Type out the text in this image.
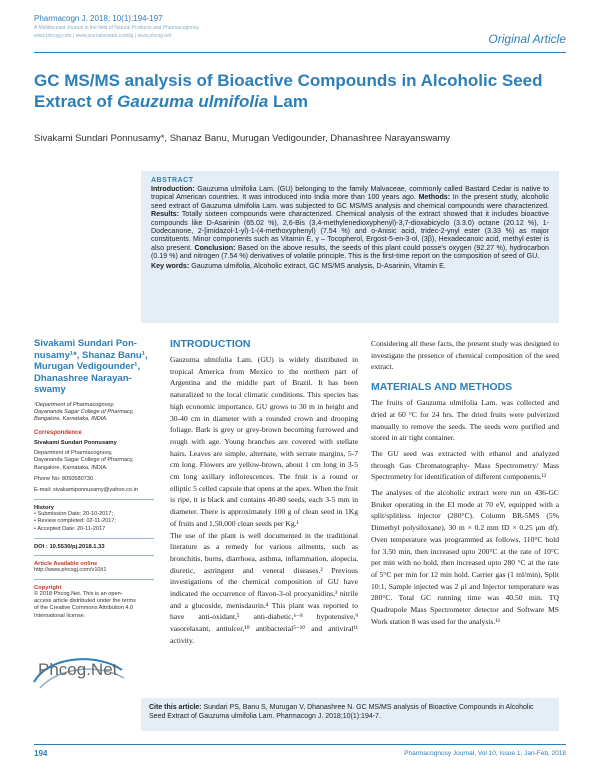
Pharmacogn J. 2018; 10(1):194-197
A Multifaceted Journal in the field of Natural Products and Pharmacognosy
www.phcogj.com | www.journalonweb.com/pj | www.phcog.net	Original Article
GC MS/MS analysis of Bioactive Compounds in Alcoholic Seed
Extract of Gauzuma ulmifolia Lam
Sivakami Sundari Ponnusamy*, Shanaz Banu, Murugan Vedigounder, Dhanashree Narayanswamy
ABSTRACT
Introduction: Gauzuma ulmifolia Lam. (GU) belonging to the family Malvaceae, commonly called Bastard Cedar is native to tropical American countries. It was introduced into India more than 100 years ago. Methods: In the present study, alcoholic seed extract of Gauzuma ulmifolia Lam. was subjected to GC MS/MS analysis and chemical compounds were characterized. Results: Totally sixteen compounds were characterized. Chemical analysis of the extract showed that it includes bioactive compounds like D-Asarinin (65.02 %), 2,6-Bis (3,4-methylenedioxyphenyl)-3,7-dioxabicyclo (3.3.0) octane (20.12 %), 1-Dodecanone, 2-[imidazol-1-yl)-1-(4-methoxyphenyl) (7.54 %) and o-Anisic acid, tridec-2-ynyl ester (3.33 %) as major constituents. Minor components such as Vitamin E, γ – Tocopherol, Ergost-5-en-3-ol, (3β), Hexadecanoic acid, methyl ester is also present. Conclusion: Based on the above results, the seeds of this plant could posse's oxygen (92.27 %), hydrocarbon (0.19 %) and nitrogen (7.54 %) derivatives of volatile principle. This is the first-time report on the composition of seed of GU.
Key words: Gauzuma ulmifolia, Alcoholic extract, GC MS/MS analysis, D-Asarinin, Vitamin E.
Sivakami Sundari Pon-
nusamy¹*, Shanaz Banu¹,
Murugan Vedigounder¹,
Dhanashree Narayan-
swamy
¹Department of Pharmacognosy,
Dayananda Sagar College of Pharmacy,
Bangalore, Karnataka, INDIA.
Correspondence
Sivakami Sundari Ponnusamy
Department of Pharmacognosy,
Dayananda Sagar College of Pharmacy,
Bangalore, Karnataka, INDIA.
Phone No: 8050580730
E-mail: sivakamiponnusamy@yahoo.co.in
History
• Submission Date: 20-10-2017;
• Review completed: 02-11-2017;
• Accepted Date: 20-11-2017
DOI : 10.5530/pj.2018.1.33
Article Available online
http://www.phcogj.com/v10/i1
Copyright
© 2018 Phcog.Net. This is an open-
access article distributed under the terms
of the Creative Commons Attribution 4.0
International license.
Phcog.Net
INTRODUCTION

Gauzuma ulmifolia Lam. (GU) is widely distributed in tropical America from Mexico to the northern part of Argentina and the middle part of Brazil. It has been naturalized to the local climatic conditions. This species has high economic importance. GU grows to 30 m in height and 30-40 cm in diameter with a rounded crown and drooping foliage. Bark is grey or grey-brown becoming furrowed and rough with age. Young branches are covered with stellate hairs. Leaves are simple, alternate, with serrate margins, 5-7 cm long. Flowers are yellow-brown, about 1 cm long in 3-5 cm long axillary inflorescences. The fruit is a round or elliptic 5 celled capsule that opens at the apex. When the fruit is ripe, it is black and contains 40-80 seeds, each 3-5 mm in diameter. There is approximately 100 g of clean seed in 1Kg of fruits and 1,50,000 clean seeds per Kg.¹

The use of the plant is well documented in the traditional literature as a remedy for various ailments, such as bronchitis, burns, diarrhoea, asthma, inflammation, alopecia, diuretic, astringent and veneral diseases.² Previous investigations of the chemical composition of GU have indicated the occurrence of flavon-3-ol procyanidins,³ nitrile and a glucoside, menisdaurin.⁴ This plant was reported to have anti-oxidant,⁵ anti-diabetic,⁶⁻⁸ hypotensive,⁹ vasorelaxant, antiulcer,¹⁰ antibacterial⁵⁻¹⁰ and antiviral¹¹ activity.

Considering all these facts, the present study was designed to investigate the presence of chemical composition of the seed extract.

MATERIALS AND METHODS

The fruits of Gauzuma ulmifolia Lam. was collected and dried at 60 °C for 24 hrs. The dried fruits were pulverized manually to remove the seeds. The seeds were purified and stored in air tight container.

The GU seed was extracted with ethanol and analyzed through Gas Chromatography- Mass Spectrometry/ Mass Spectrometry for identification of different components.¹²

The analyses of the alcoholic extract were run on 436-GC Bruker operating in the EI mode at 70 eV, equipped with a split/splitless injector (280°C). Column BR-5MS (5% Dimethyl polysiloxane), 30 m × 0.2 mm ID × 0.25 μm df). Oven temperature was programmed as follows, 110°C hold for 3.50 min, then increased upto 200°C at the rate of 10°C per min with no hold, then increased upto 280 °C at the rate of 5°C per min for 12 min hold. Carrier gas (1 ml/min), Split 10:1, Sample injected was 2 μl and Injector temperature was 280°C. Total GC running time was 40.50 min. TQ Quadrupole Mass Spectrometer detector and Software MS Work station 8 was used for the analysis.¹³

Cite this article: Sundari PS, Banu S, Murugan V, Dhanashree N. GC MS/MS analysis of Bioactive Compounds in Alcoholic Seed Extract of Gauzuma ulmifolia Lam. Pharmacogn J. 2018;10(1):194-7.
194	Pharmacognosy Journal, Vol 10, Issue 1, Jan-Feb, 2018
